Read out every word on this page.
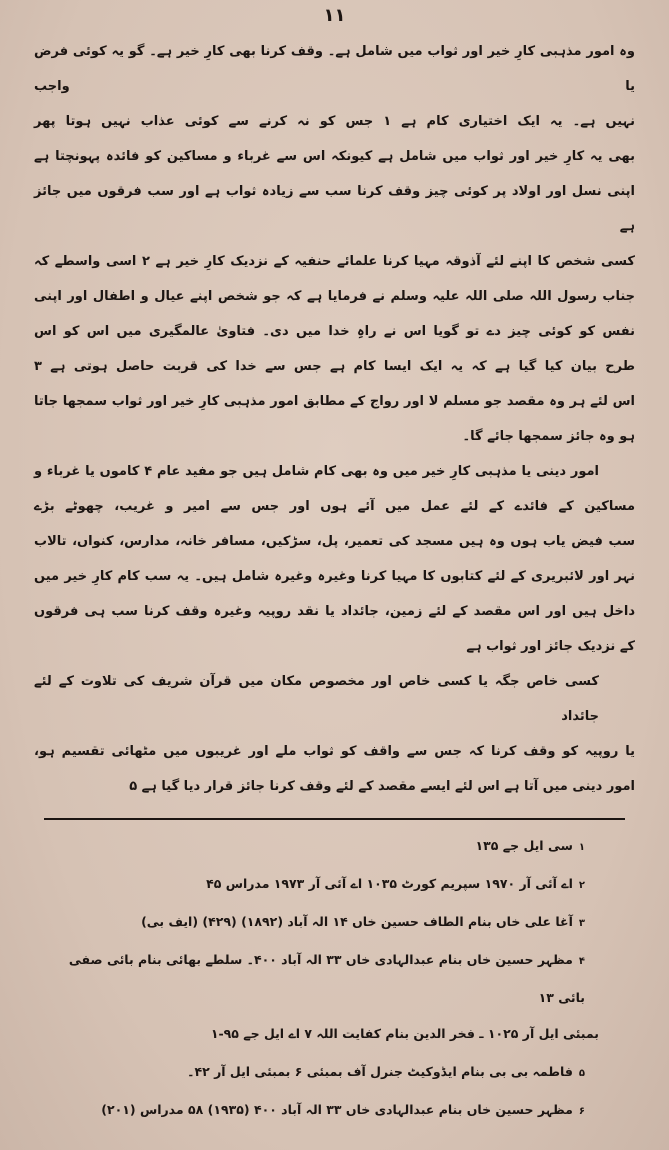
۱۱
وہ امور مذہبی کارِ خیر اور ثواب میں شامل ہے۔ وقف کرنا بھی کارِ خیر ہے۔ گو یہ کوئی فرض یا واجب
نہیں ہے۔ یہ ایک اختیاری کام ہے ۱ جس کو نہ کرنے سے کوئی عذاب نہیں ہوتا پھر
بھی یہ کارِ خیر اور ثواب میں شامل ہے کیونکہ اس سے غرباء و مساکین کو فائدہ پہونچتا ہے
اپنی نسل اور اولاد پر کوئی چیز وقف کرنا سب سے زیادہ ثواب ہے اور سب فرقوں میں جائز ہے
کسی شخص کا اپنے لئے آذوقہ مہیا کرنا علمائے حنفیہ کے نزدیک کارِ خیر ہے ۲ اسی واسطے کہ
جناب رسول اللہ صلی اللہ علیہ وسلم نے فرمایا ہے کہ جو شخص اپنے عیال و اطفال اور اپنی
نفس کو کوئی چیز دے تو گویا اس نے راہِ خدا میں دی۔ فتاویٰ عالمگیری میں اس کو اس
طرح بیان کیا گیا ہے کہ یہ ایک ایسا کام ہے جس سے خدا کی قربت حاصل ہوتی ہے ۳
اس لئے ہر وہ مقصد جو مسلم لا اور رواج کے مطابق امور مذہبی کارِ خیر اور ثواب سمجھا جاتا
ہو وہ جائز سمجھا جائے گا۔
امور دینی یا مذہبی کارِ خیر میں وہ بھی کام شامل ہیں جو مفید عام ۴ کاموں یا غرباء و
مساکین کے فائدے کے لئے عمل میں آئے ہوں اور جس سے امیر و غریب، چھوٹے بڑے
سب فیض یاب ہوں وہ ہیں مسجد کی تعمیر، پل، سڑکیں، مسافر خانہ، مدارس، کنواں، تالاب
نہر اور لائبریری کے لئے کتابوں کا مہیا کرنا وغیرہ وغیرہ شامل ہیں۔ یہ سب کام کارِ خیر میں
داخل ہیں اور اس مقصد کے لئے زمین، جائداد یا نقد روپیہ وغیرہ وقف کرنا سب ہی فرقوں
کے نزدیک جائز اور ثواب ہے
کسی خاص جگہ یا کسی خاص اور مخصوص مکان میں قرآن شریف کی تلاوت کے لئے جائداد
یا روپیہ کو وقف کرنا کہ جس سے واقف کو ثواب ملے اور غریبوں میں مٹھائی تقسیم ہو،
امور دینی میں آتا ہے اس لئے ایسے مقصد کے لئے وقف کرنا جائز قرار دیا گیا ہے ۵
۱سی ایل جے ۱۳۵
۲اے آئی آر ۱۹۷۰ سپریم کورٹ ۱۰۳۵ اے آئی آر ۱۹۷۳ مدراس ۴۵
۳آغا علی خاں بنام الطاف حسین خاں ۱۴ الہ آباد (۱۸۹۲) (۴۲۹) (ایف بی)
۴مظہر حسین خاں بنام عبدالہادی خاں ۳۳ الہ آباد ۴۰۰۔ سلطے بھائی بنام بائی صفی بائی ۱۳
بمبئی ایل آر ۱۰۲۵ ـ فخر الدین بنام کفایت اللہ ۷ اے ایل جے ۹۵-۱
۵فاطمہ بی بی بنام ایڈوکیٹ جنرل آف بمبئی ۶ بمبئی ایل آر ۴۲۔
۶مظہر حسین خاں بنام عبدالہادی خاں ۳۳ الہ آباد ۴۰۰ (۱۹۳۵) ۵۸ مدراس (۲۰۱)
